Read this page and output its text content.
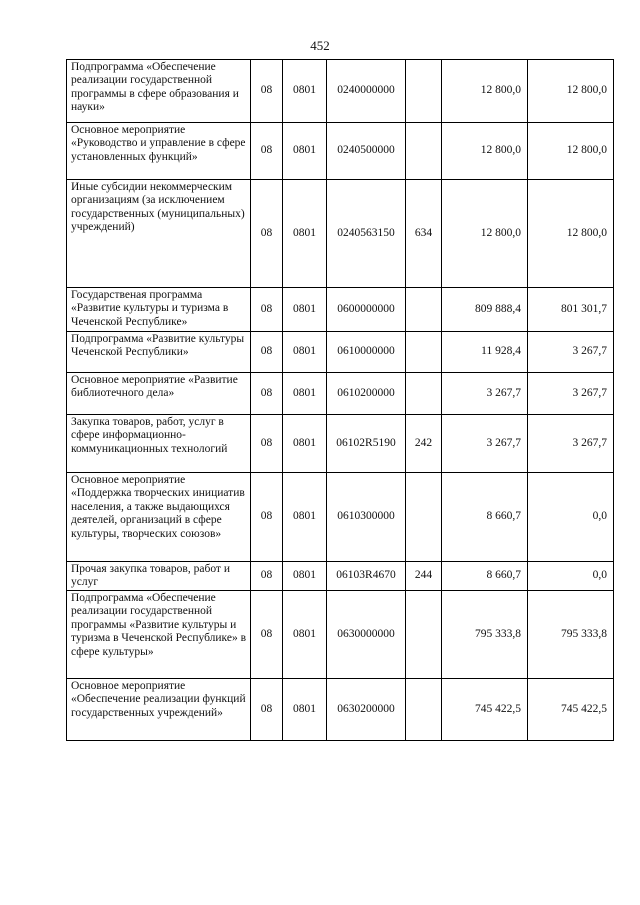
452
Подпрограмма «Обеспечение реализации государственной программы в сфере образования и науки»	08	0801	0240000000		12 800,0	12 800,0
Основное мероприятие «Руководство и управление в сфере установленных функций»	08	0801	0240500000		12 800,0	12 800,0
Иные субсидии некоммерческим организациям (за исключением государственных (муниципальных) учреждений)	08	0801	0240563150	634	12 800,0	12 800,0
Государственая программа «Развитие культуры и туризма в Чеченской Республике»	08	0801	0600000000		809 888,4	801 301,7
Подпрограмма «Развитие культуры Чеченской Республики»	08	0801	0610000000		11 928,4	3 267,7
Основное мероприятие «Развитие библиотечного дела»	08	0801	0610200000		3 267,7	3 267,7
Закупка товаров, работ, услуг в сфере информационно-коммуникационных технологий	08	0801	06102R5190	242	3 267,7	3 267,7
Основное мероприятие «Поддержка творческих инициатив населения, а также выдающихся деятелей, организаций в сфере культуры, творческих союзов»	08	0801	0610300000		8 660,7	0,0
Прочая закупка товаров, работ и услуг	08	0801	06103R4670	244	8 660,7	0,0
Подпрограмма «Обеспечение реализации государственной программы «Развитие культуры и туризма в Чеченской Республике» в сфере культуры»	08	0801	0630000000		795 333,8	795 333,8
Основное мероприятие «Обеспечение реализации функций государственных учреждений»	08	0801	0630200000		745 422,5	745 422,5
